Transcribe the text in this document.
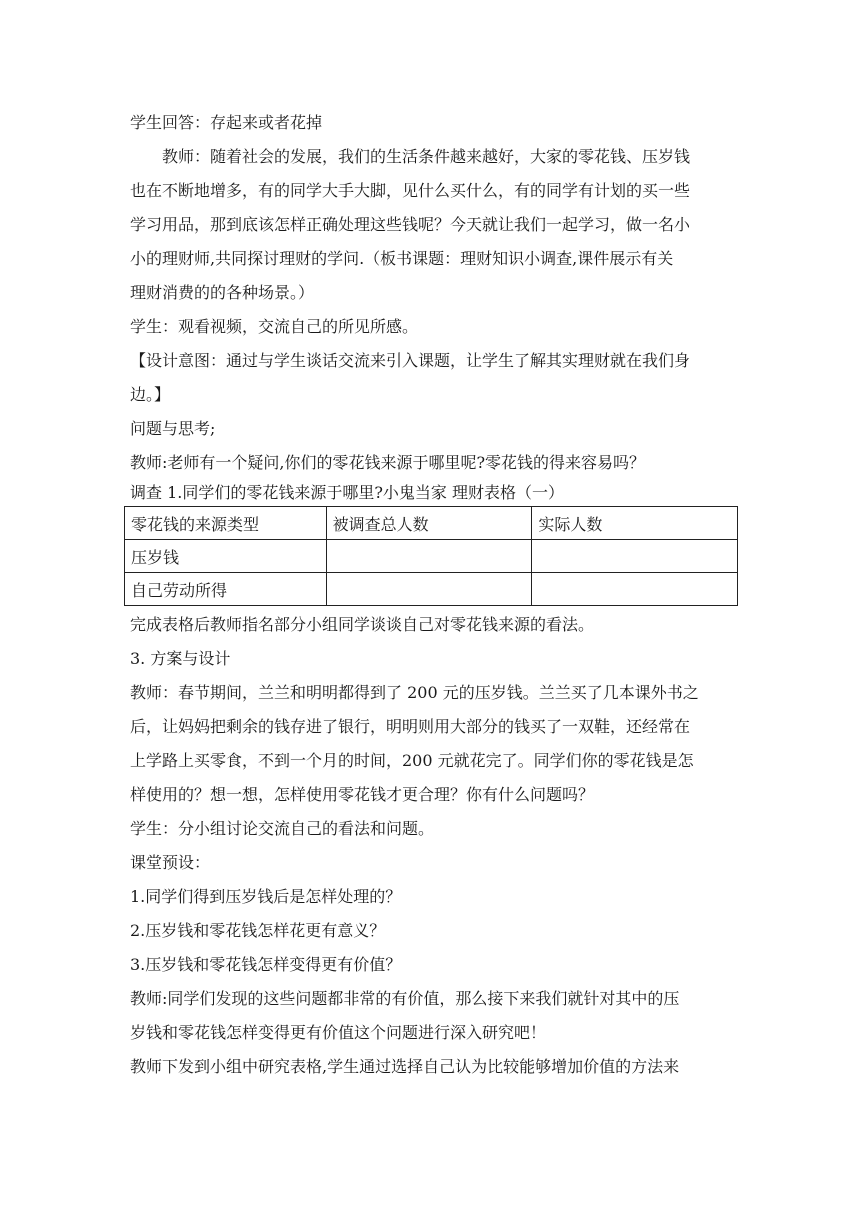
学生回答：存起来或者花掉
教师：随着社会的发展，我们的生活条件越来越好，大家的零花钱、压岁钱
也在不断地增多，有的同学大手大脚，见什么买什么，有的同学有计划的买一些
学习用品，那到底该怎样正确处理这些钱呢？今天就让我们一起学习，做一名小
小的理财师,共同探讨理财的学问.（板书课题：理财知识小调查,课件展示有关
理财消费的的各种场景。）
学生：观看视频，交流自己的所见所感。
【设计意图：通过与学生谈话交流来引入课题，让学生了解其实理财就在我们身
边。】
问题与思考;
教师:老师有一个疑问,你们的零花钱来源于哪里呢?零花钱的得来容易吗？
调查 1.同学们的零花钱来源于哪里?小鬼当家 理财表格（一）
零花钱的来源类型	被调查总人数	实际人数
压岁钱		
自己劳动所得		
完成表格后教师指名部分小组同学谈谈自己对零花钱来源的看法。
3. 方案与设计
教师：春节期间，兰兰和明明都得到了 200 元的压岁钱。兰兰买了几本课外书之
后，让妈妈把剩余的钱存进了银行，明明则用大部分的钱买了一双鞋，还经常在
上学路上买零食，不到一个月的时间，200 元就花完了。同学们你的零花钱是怎
样使用的？想一想，怎样使用零花钱才更合理？你有什么问题吗？
学生：分小组讨论交流自己的看法和问题。
课堂预设：
1.同学们得到压岁钱后是怎样处理的？
2.压岁钱和零花钱怎样花更有意义？
3.压岁钱和零花钱怎样变得更有价值？
教师:同学们发现的这些问题都非常的有价值，那么接下来我们就针对其中的压
岁钱和零花钱怎样变得更有价值这个问题进行深入研究吧！
教师下发到小组中研究表格,学生通过选择自己认为比较能够增加价值的方法来
